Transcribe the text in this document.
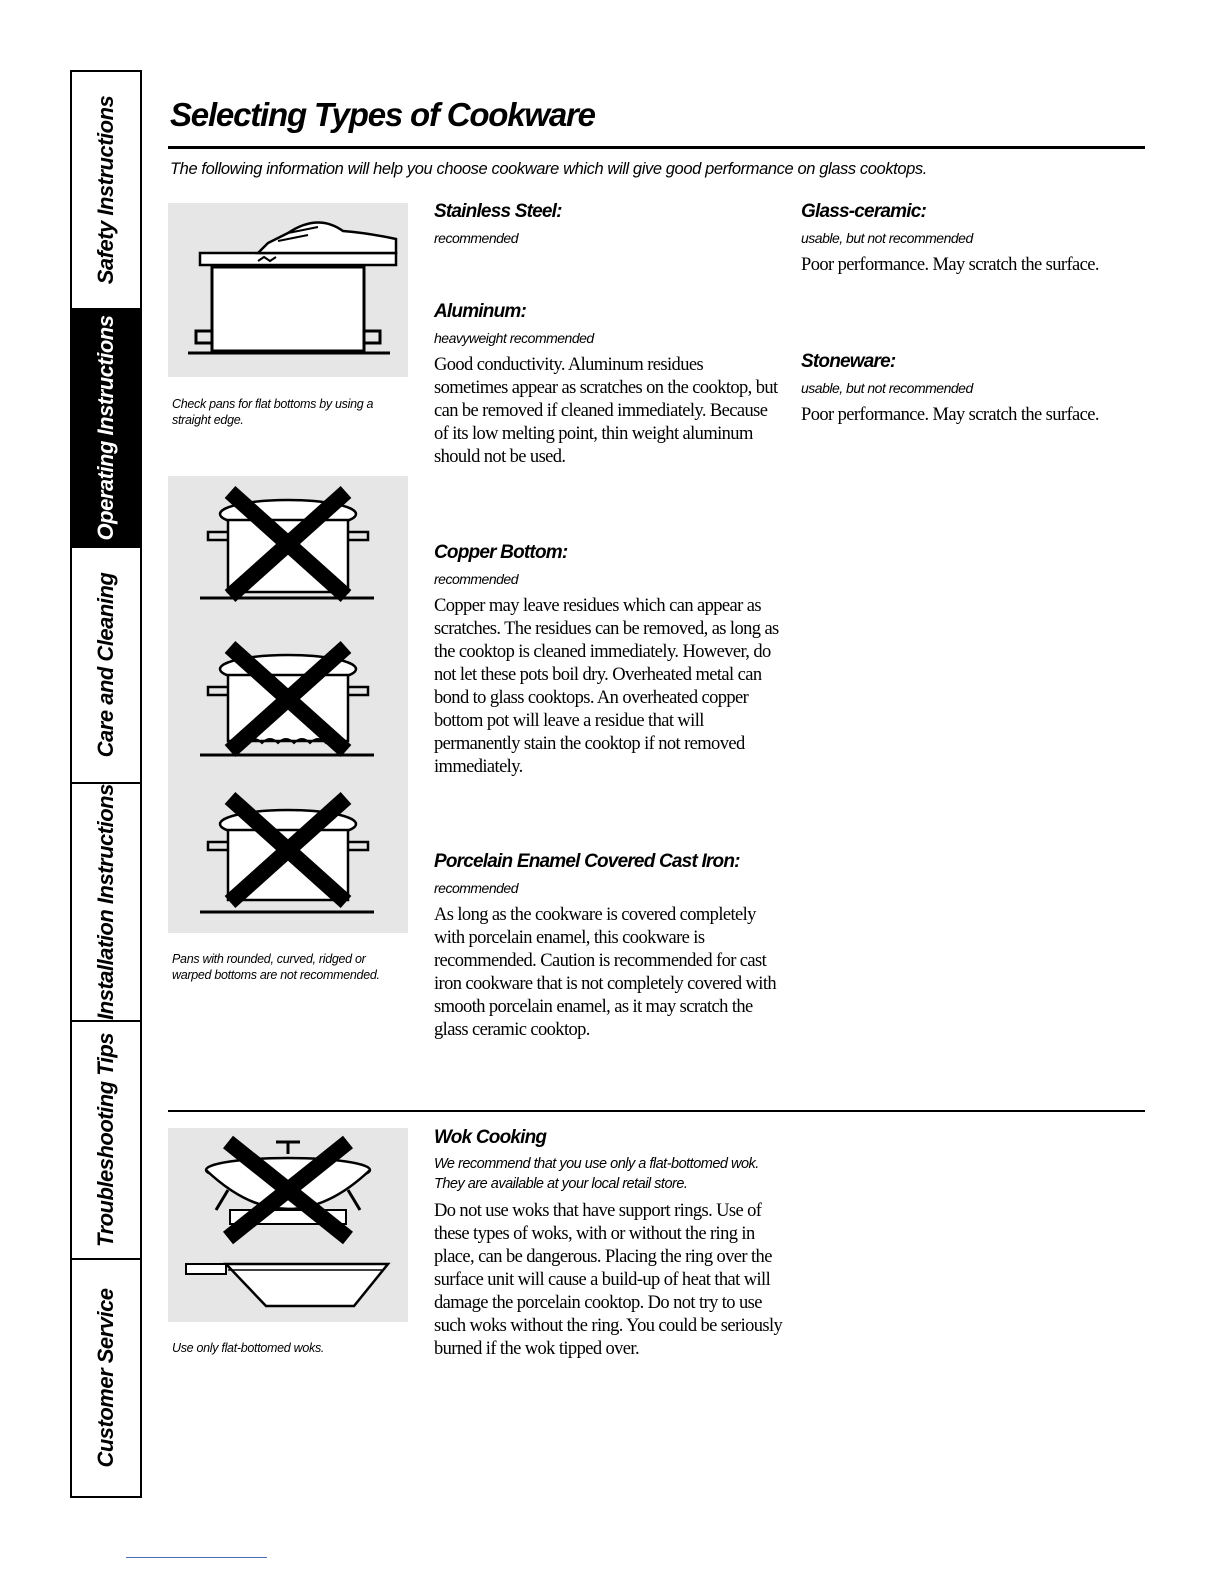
Safety Instructions
Operating Instructions
Care and Cleaning
Installation Instructions
Troubleshooting Tips
Customer Service
Selecting Types of Cookware
The following information will help you choose cookware which will give good performance on glass cooktops.
Check pans for flat bottoms by using a straight edge.
Pans with rounded, curved, ridged or warped bottoms are not recommended.
Stainless Steel:
recommended
Aluminum:
heavyweight recommended
Good conductivity. Aluminum residues sometimes appear as scratches on the cooktop, but can be removed if cleaned immediately. Because of its low melting point, thin weight aluminum should not be used.
Copper Bottom:
recommended
Copper may leave residues which can appear as scratches. The residues can be removed, as long as the cooktop is cleaned immediately. However, do not let these pots boil dry. Overheated metal can bond to glass cooktops. An overheated copper bottom pot will leave a residue that will permanently stain the cooktop if not removed immediately.
Porcelain Enamel Covered Cast Iron:
recommended
As long as the cookware is covered completely with porcelain enamel, this cookware is recommended. Caution is recommended for cast iron cookware that is not completely covered with smooth porcelain enamel, as it may scratch the glass ceramic cooktop.
Glass-ceramic:
usable, but not recommended
Poor performance. May scratch the surface.
Stoneware:
usable, but not recommended
Poor performance. May scratch the surface.
Use only flat-bottomed woks.
Wok Cooking
We recommend that you use only a flat-bottomed wok. They are available at your local retail store.
Do not use woks that have support rings. Use of these types of woks, with or without the ring in place, can be dangerous. Placing the ring over the surface unit will cause a build-up of heat that will damage the porcelain cooktop. Do not try to use such woks without the ring. You could be seriously burned if the wok tipped over.
